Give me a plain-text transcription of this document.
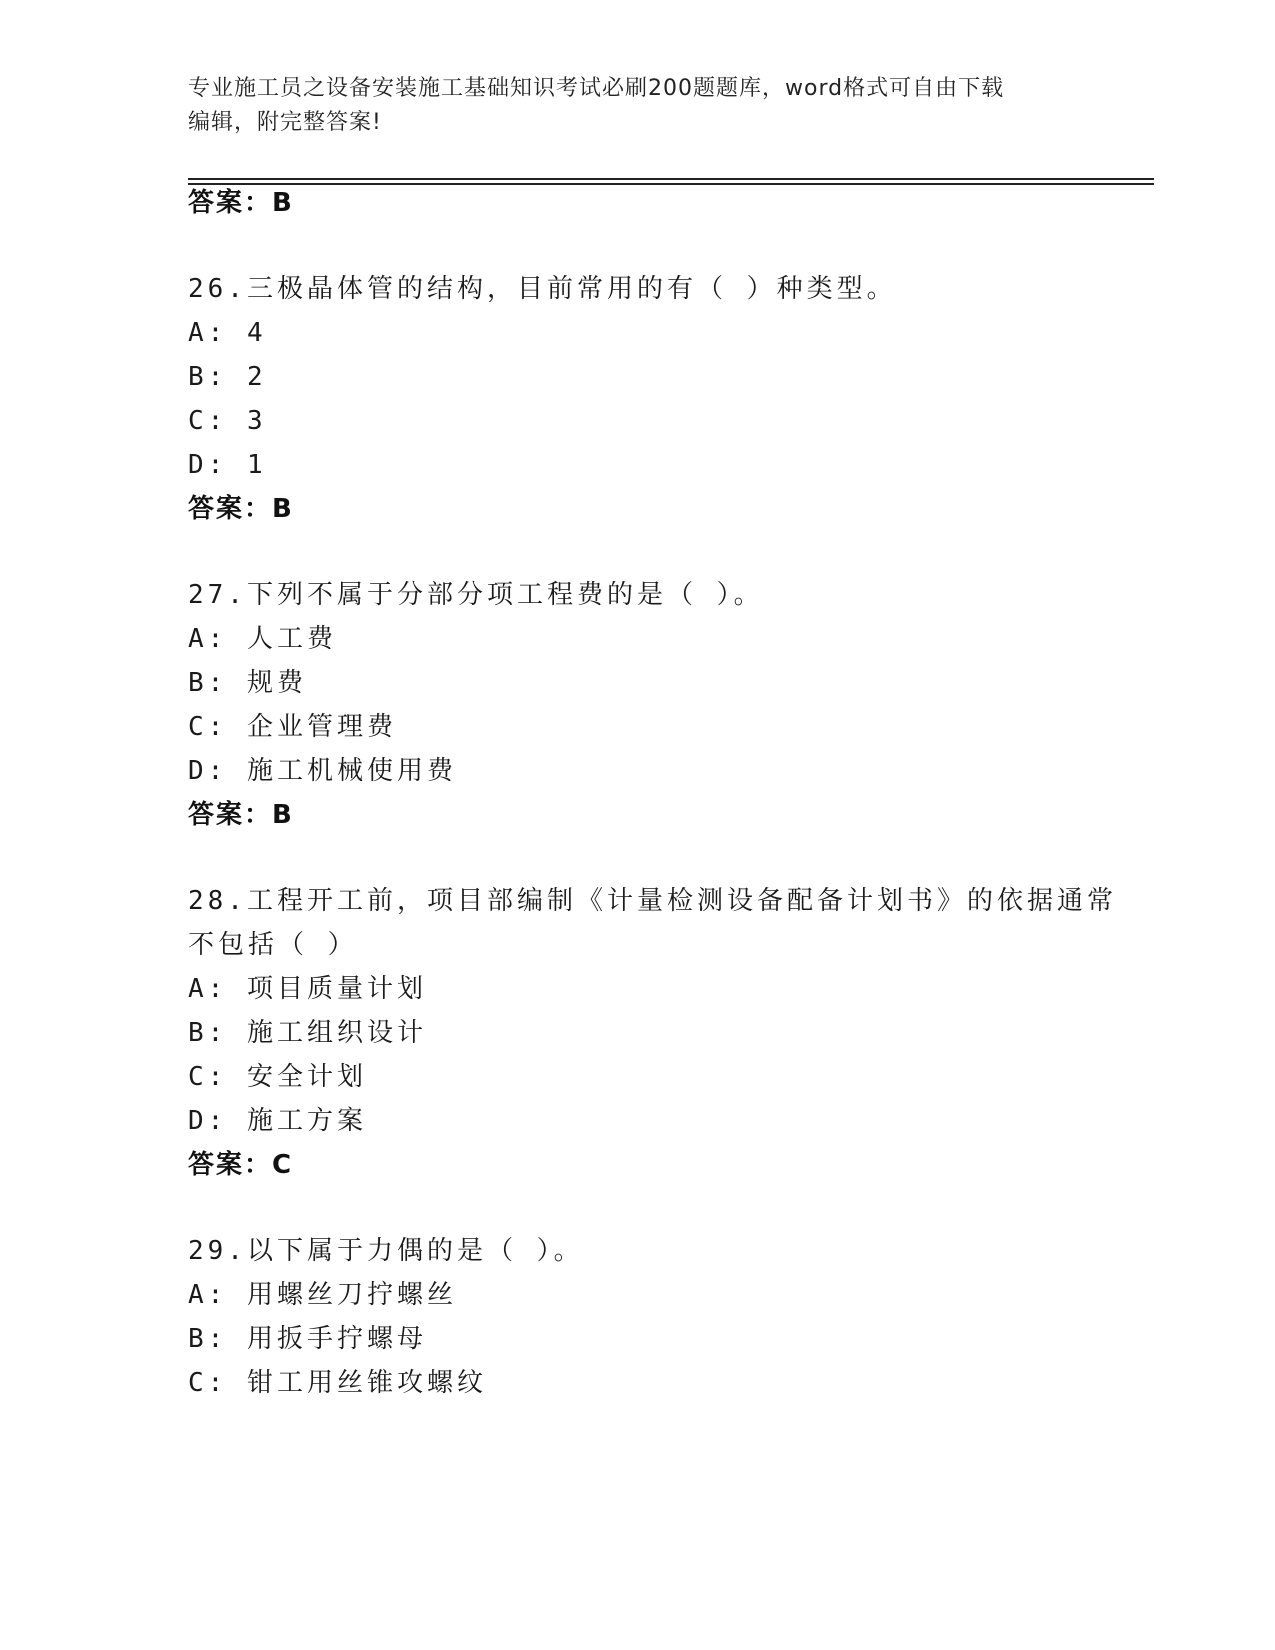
专业施工员之设备安装施工基础知识考试必刷200题题库，word格式可自由下载
编辑，附完整答案!
答案：B
26.三极晶体管的结构，目前常用的有（ ）种类型。
A: 4
B: 2
C: 3
D: 1
答案：B
27.下列不属于分部分项工程费的是（ ）。
A: 人工费
B: 规费
C: 企业管理费
D: 施工机械使用费
答案：B
28.工程开工前，项目部编制《计量检测设备配备计划书》的依据通常
不包括（ ）
A: 项目质量计划
B: 施工组织设计
C: 安全计划
D: 施工方案
答案：C
29.以下属于力偶的是（ ）。
A: 用螺丝刀拧螺丝
B: 用扳手拧螺母
C: 钳工用丝锥攻螺纹
